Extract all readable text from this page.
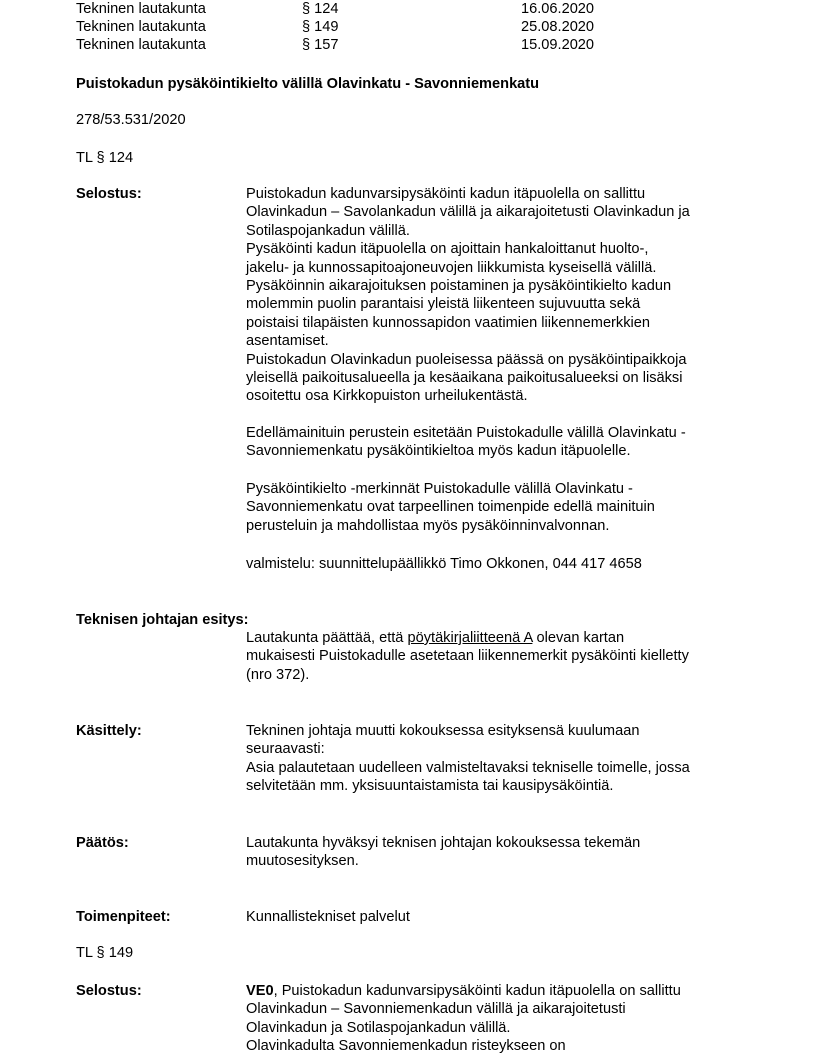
Tekninen lautakunta	§ 124	16.06.2020
Tekninen lautakunta	§ 149	25.08.2020
Tekninen lautakunta	§ 157	15.09.2020
Puistokadun pysäköintikielto välillä Olavinkatu - Savonniemenkatu
278/53.531/2020
TL § 124
Selostus:	Puistokadun kadunvarsipysäköinti kadun itäpuolella on sallittu
Olavinkadun – Savolankadun välillä ja aikarajoitetusti Olavinkadun ja
Sotilaspojankadun välillä.
Pysäköinti kadun itäpuolella on ajoittain hankaloittanut huolto-,
jakelu- ja kunnossapitoajoneuvojen liikkumista kyseisellä välillä.
Pysäköinnin aikarajoituksen poistaminen ja pysäköintikielto kadun
molemmin puolin parantaisi yleistä liikenteen sujuvuutta sekä
poistaisi tilapäisten kunnossapidon vaatimien liikennemerkkien
asentamiset.
Puistokadun Olavinkadun puoleisessa päässä on pysäköintipaikkoja
yleisellä paikoitusalueella ja kesäaikana paikoitusalueeksi on lisäksi
osoitettu osa Kirkkopuiston urheilukentästä.
Edellämainituin perustein esitetään Puistokadulle välillä Olavinkatu -
Savonniemenkatu pysäköintikieltoa myös kadun itäpuolelle.
Pysäköintikielto -merkinnät Puistokadulle välillä Olavinkatu -
Savonniemenkatu ovat tarpeellinen toimenpide edellä mainituin
perusteluin ja mahdollistaa myös pysäköinninvalvonnan.
valmistelu: suunnittelupäällikkö Timo Okkonen, 044 417 4658
Teknisen johtajan esitys:
Lautakunta päättää, että pöytäkirjaliitteenä A olevan kartan
mukaisesti Puistokadulle asetetaan liikennemerkit pysäköinti kielletty
(nro 372).
Käsittely:	Tekninen johtaja muutti kokouksessa esityksensä kuulumaan
seuraavasti:
Asia palautetaan uudelleen valmisteltavaksi tekniselle toimelle, jossa
selvitetään mm. yksisuuntaistamista tai kausipysäköintiä.
Päätös:	Lautakunta hyväksyi teknisen johtajan kokouksessa tekemän
muutosesityksen.
Toimenpiteet:	Kunnallistekniset palvelut
TL § 149
Selostus:	VE0, Puistokadun kadunvarsipysäköinti kadun itäpuolella on sallittu
Olavinkadun – Savonniemenkadun välillä ja aikarajoitetusti
Olavinkadun ja Sotilaspojankadun välillä.
Olavinkadulta Savonniemenkadun risteykseen on
